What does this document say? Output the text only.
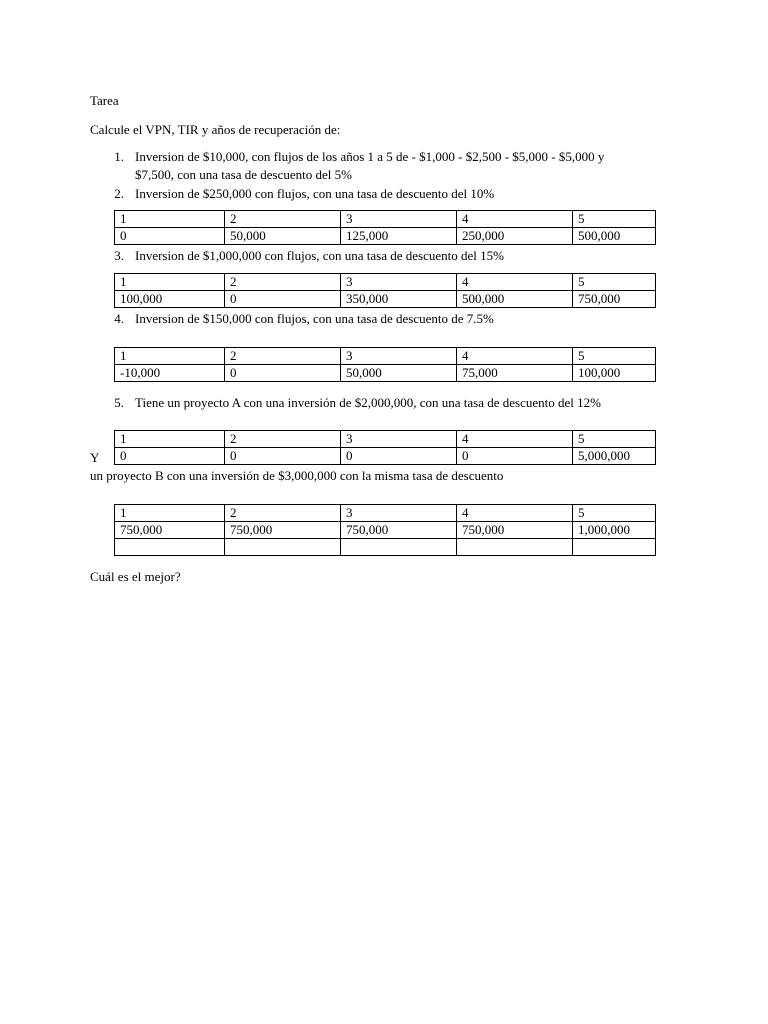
Tarea
Calcule el VPN, TIR y años de recuperación de:
1. Inversion de $10,000, con flujos de los años 1 a 5 de - $1,000 - $2,500 - $5,000 - $5,000 y
$7,500, con una tasa de descuento del 5%
2. Inversion de $250,000 con flujos, con una tasa de descuento del 10%
1	2	3	4	5
0	50,000	125,000	250,000	500,000
3. Inversion de $1,000,000 con flujos, con una tasa de descuento del 15%
1	2	3	4	5
100,000	0	350,000	500,000	750,000
4. Inversion de $150,000 con flujos, con una tasa de descuento de 7.5%
1	2	3	4	5
-10,000	0	50,000	75,000	100,000
5. Tiene un proyecto A con una inversión de $2,000,000, con una tasa de descuento del 12%
1	2	3	4	5
0	0	0	0	5,000,000
Y
un proyecto B con una inversión de $3,000,000 con la misma tasa de descuento
1	2	3	4	5
750,000	750,000	750,000	750,000	1,000,000

Cuál es el mejor?
